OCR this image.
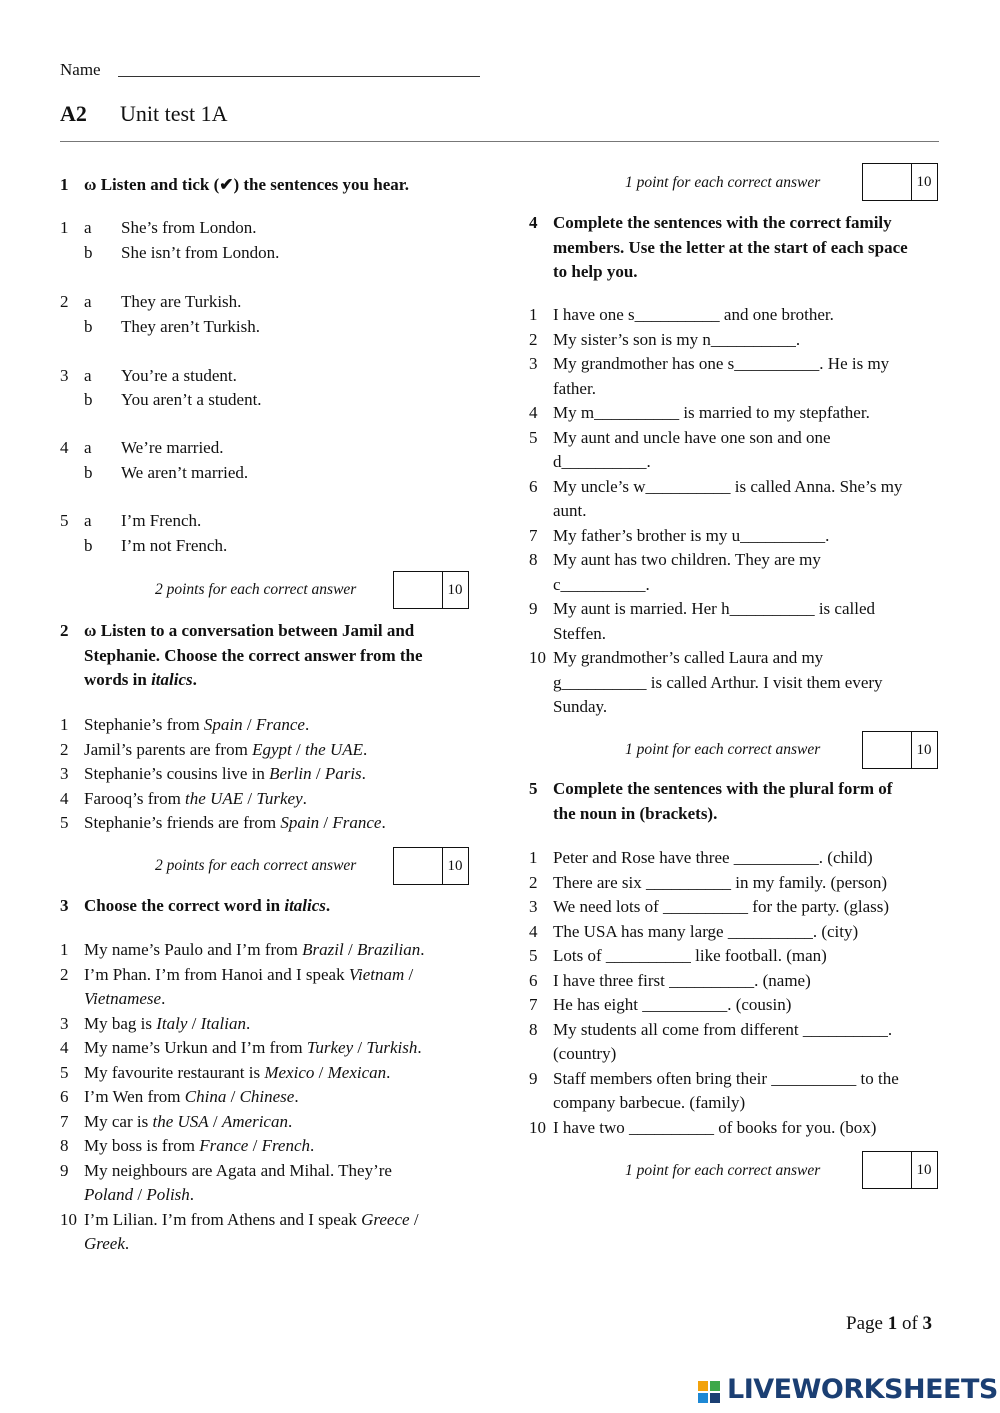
Name
A2 Unit test 1A
1 ω Listen and tick (✔) the sentences you hear.
1 a She’s from London.
b She isn’t from London.
2 a They are Turkish.
b They aren’t Turkish.
3 a You’re a student.
b You aren’t a student.
4 a We’re married.
b We aren’t married.
5 a I’m French.
b I’m not French.
2 points for each correct answer	10
2 ω Listen to a conversation between Jamil and
Stephanie. Choose the correct answer from the
words in italics.
1 Stephanie’s from Spain / France.
2 Jamil’s parents are from Egypt / the UAE.
3 Stephanie’s cousins live in Berlin / Paris.
4 Farooq’s from the UAE / Turkey.
5 Stephanie’s friends are from Spain / France.
2 points for each correct answer	10
3 Choose the correct word in italics.
1 My name’s Paulo and I’m from Brazil / Brazilian.
2 I’m Phan. I’m from Hanoi and I speak Vietnam /
Vietnamese.
3 My bag is Italy / Italian.
4 My name’s Urkun and I’m from Turkey / Turkish.
5 My favourite restaurant is Mexico / Mexican.
6 I’m Wen from China / Chinese.
7 My car is the USA / American.
8 My boss is from France / French.
9 My neighbours are Agata and Mihal. They’re
Poland / Polish.
10 I’m Lilian. I’m from Athens and I speak Greece /
Greek.
1 point for each correct answer	10
4 Complete the sentences with the correct family
members. Use the letter at the start of each space
to help you.
1 I have one s__________ and one brother.
2 My sister’s son is my n__________.
3 My grandmother has one s__________. He is my
father.
4 My m__________ is married to my stepfather.
5 My aunt and uncle have one son and one
d__________.
6 My uncle’s w__________ is called Anna. She’s my
aunt.
7 My father’s brother is my u__________.
8 My aunt has two children. They are my
c__________.
9 My aunt is married. Her h__________ is called
Steffen.
10 My grandmother’s called Laura and my
g__________ is called Arthur. I visit them every
Sunday.
1 point for each correct answer	10
5 Complete the sentences with the plural form of
the noun in (brackets).
1 Peter and Rose have three __________. (child)
2 There are six __________ in my family. (person)
3 We need lots of __________ for the party. (glass)
4 The USA has many large __________. (city)
5 Lots of __________ like football. (man)
6 I have three first __________. (name)
7 He has eight __________. (cousin)
8 My students all come from different __________.
(country)
9 Staff members often bring their __________ to the
company barbecue. (family)
10 I have two __________ of books for you. (box)
1 point for each correct answer	10
Page 1 of 3
LIVEWORKSHEETS
